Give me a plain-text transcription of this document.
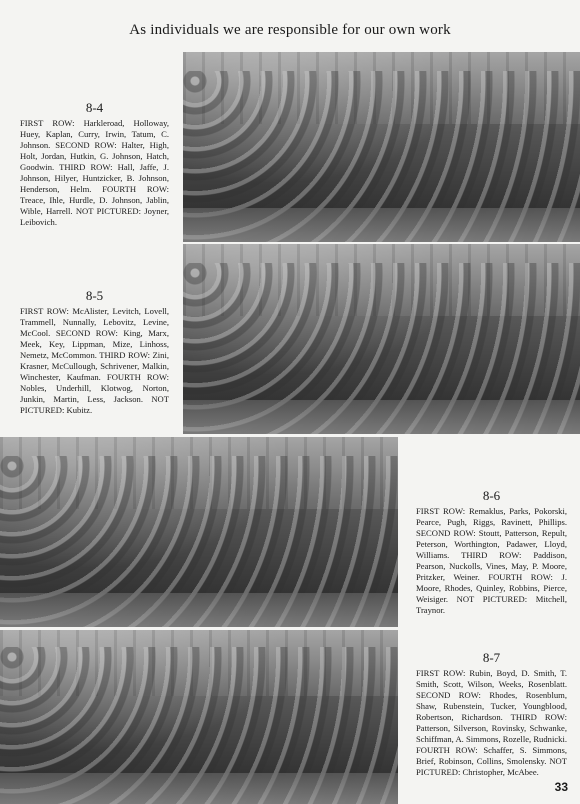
As individuals we are responsible for our own work
8-4
FIRST ROW: Harkleroad, Holloway, Huey, Kaplan, Curry, Irwin, Tatum, C. Johnson. SECOND ROW: Halter, High, Holt, Jordan, Hutkin, G. Johnson, Hatch, Goodwin. THIRD ROW: Hall, Jaffe, J. Johnson, Hilyer, Huntzicker, B. Johnson, Henderson, Helm. FOURTH ROW: Treace, Ihle, Hurdle, D. Johnson, Jablin, Wible, Harrell. NOT PICTURED: Joyner, Leibovich.
8-5
FIRST ROW: McAlister, Levitch, Lovell, Trammell, Nunnally, Lebovitz, Levine, McCool. SECOND ROW: King, Marx, Meek, Key, Lippman, Mize, Linhoss, Nemetz, McCommon. THIRD ROW: Zini, Krasner, McCullough, Schrivener, Malkin, Winchester, Kaufman. FOURTH ROW: Nobles, Underhill, Klotwog, Norton, Junkin, Martin, Less, Jackson. NOT PICTURED: Kubitz.
8-6
FIRST ROW: Remaklus, Parks, Pokorski, Pearce, Pugh, Riggs, Ravinett, Phillips. SECOND ROW: Stoutt, Patterson, Repult, Peterson, Worthington, Padawer, Lloyd, Williams. THIRD ROW: Paddison, Pearson, Nuckolls, Vines, May, P. Moore, Pritzker, Weiner. FOURTH ROW: J. Moore, Rhodes, Quinley, Robbins, Pierce, Weisiger. NOT PICTURED: Mitchell, Traynor.
8-7
FIRST ROW: Rubin, Boyd, D. Smith, T. Smith, Scott, Wilson, Weeks, Rosenblatt. SECOND ROW: Rhodes, Rosenblum, Shaw, Rubenstein, Tucker, Youngblood, Robertson, Richardson. THIRD ROW: Patterson, Silverson, Rovinsky, Schwanke, Schiffman, A. Simmons, Rozelle, Rudnicki. FOURTH ROW: Schaffer, S. Simmons, Brief, Robinson, Collins, Smolensky. NOT PICTURED: Christopher, McAbee.
33
